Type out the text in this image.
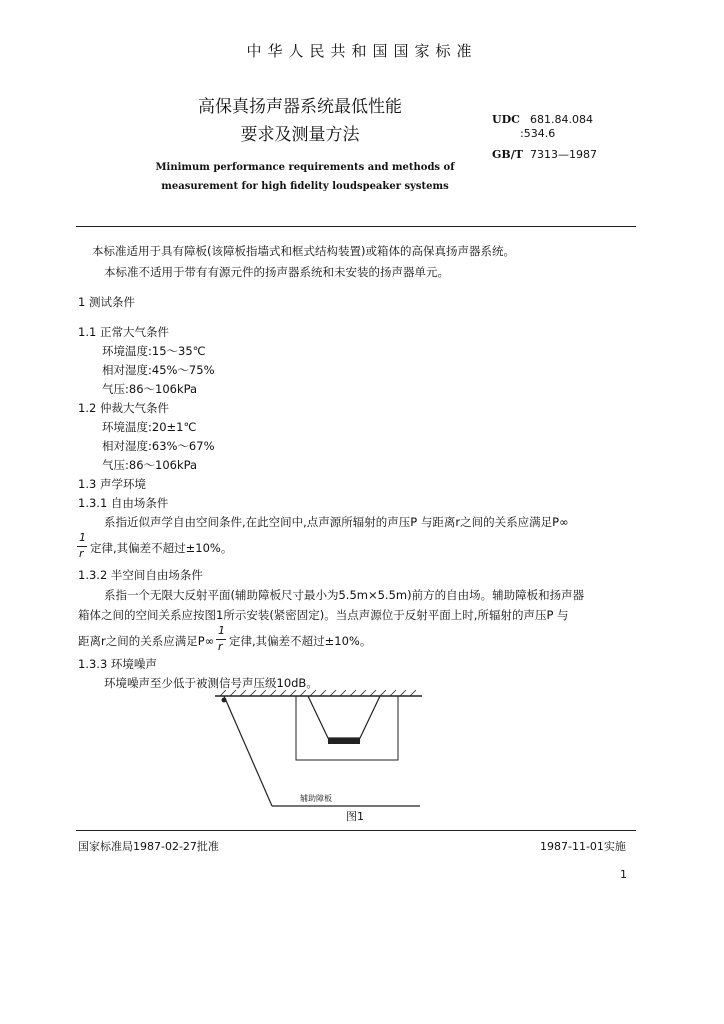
中华人民共和国国家标准
高保真扬声器系统最低性能
要求及测量方法
UDC 681.84.084
:534.6
GB/T 7313—1987
Minimum performance requirements and methods of
measurement for high fidelity loudspeaker systems
本标准适用于具有障板(该障板指墙式和框式结构装置)或箱体的高保真扬声器系统。
本标准不适用于带有有源元件的扬声器系统和未安装的扬声器单元。
1 测试条件
1.1 正常大气条件
环境温度:15～35℃
相对湿度:45%～75%
气压:86～106kPa
1.2 仲裁大气条件
环境温度:20±1℃
相对湿度:63%～67%
气压:86～106kPa
1.3 声学环境
1.3.1 自由场条件
系指近似声学自由空间条件,在此空间中,点声源所辐射的声压P 与距离r之间的关系应满足P∞
1
r 定律,其偏差不超过±10%。
1.3.2 半空间自由场条件
系指一个无限大反射平面(辅助障板尺寸最小为5.5m×5.5m)前方的自由场。辅助障板和扬声器
箱体之间的空间关系应按图1所示安装(紧密固定)。当点声源位于反射平面上时,所辐射的声压P 与
距离r之间的关系应满足P∞
1
r 定律,其偏差不超过±10%。
1.3.3 环境噪声
环境噪声至少低于被测信号声压级10dB。
辅助障板
图1
国家标准局1987-02-27批准	1987-11-01实施
1
